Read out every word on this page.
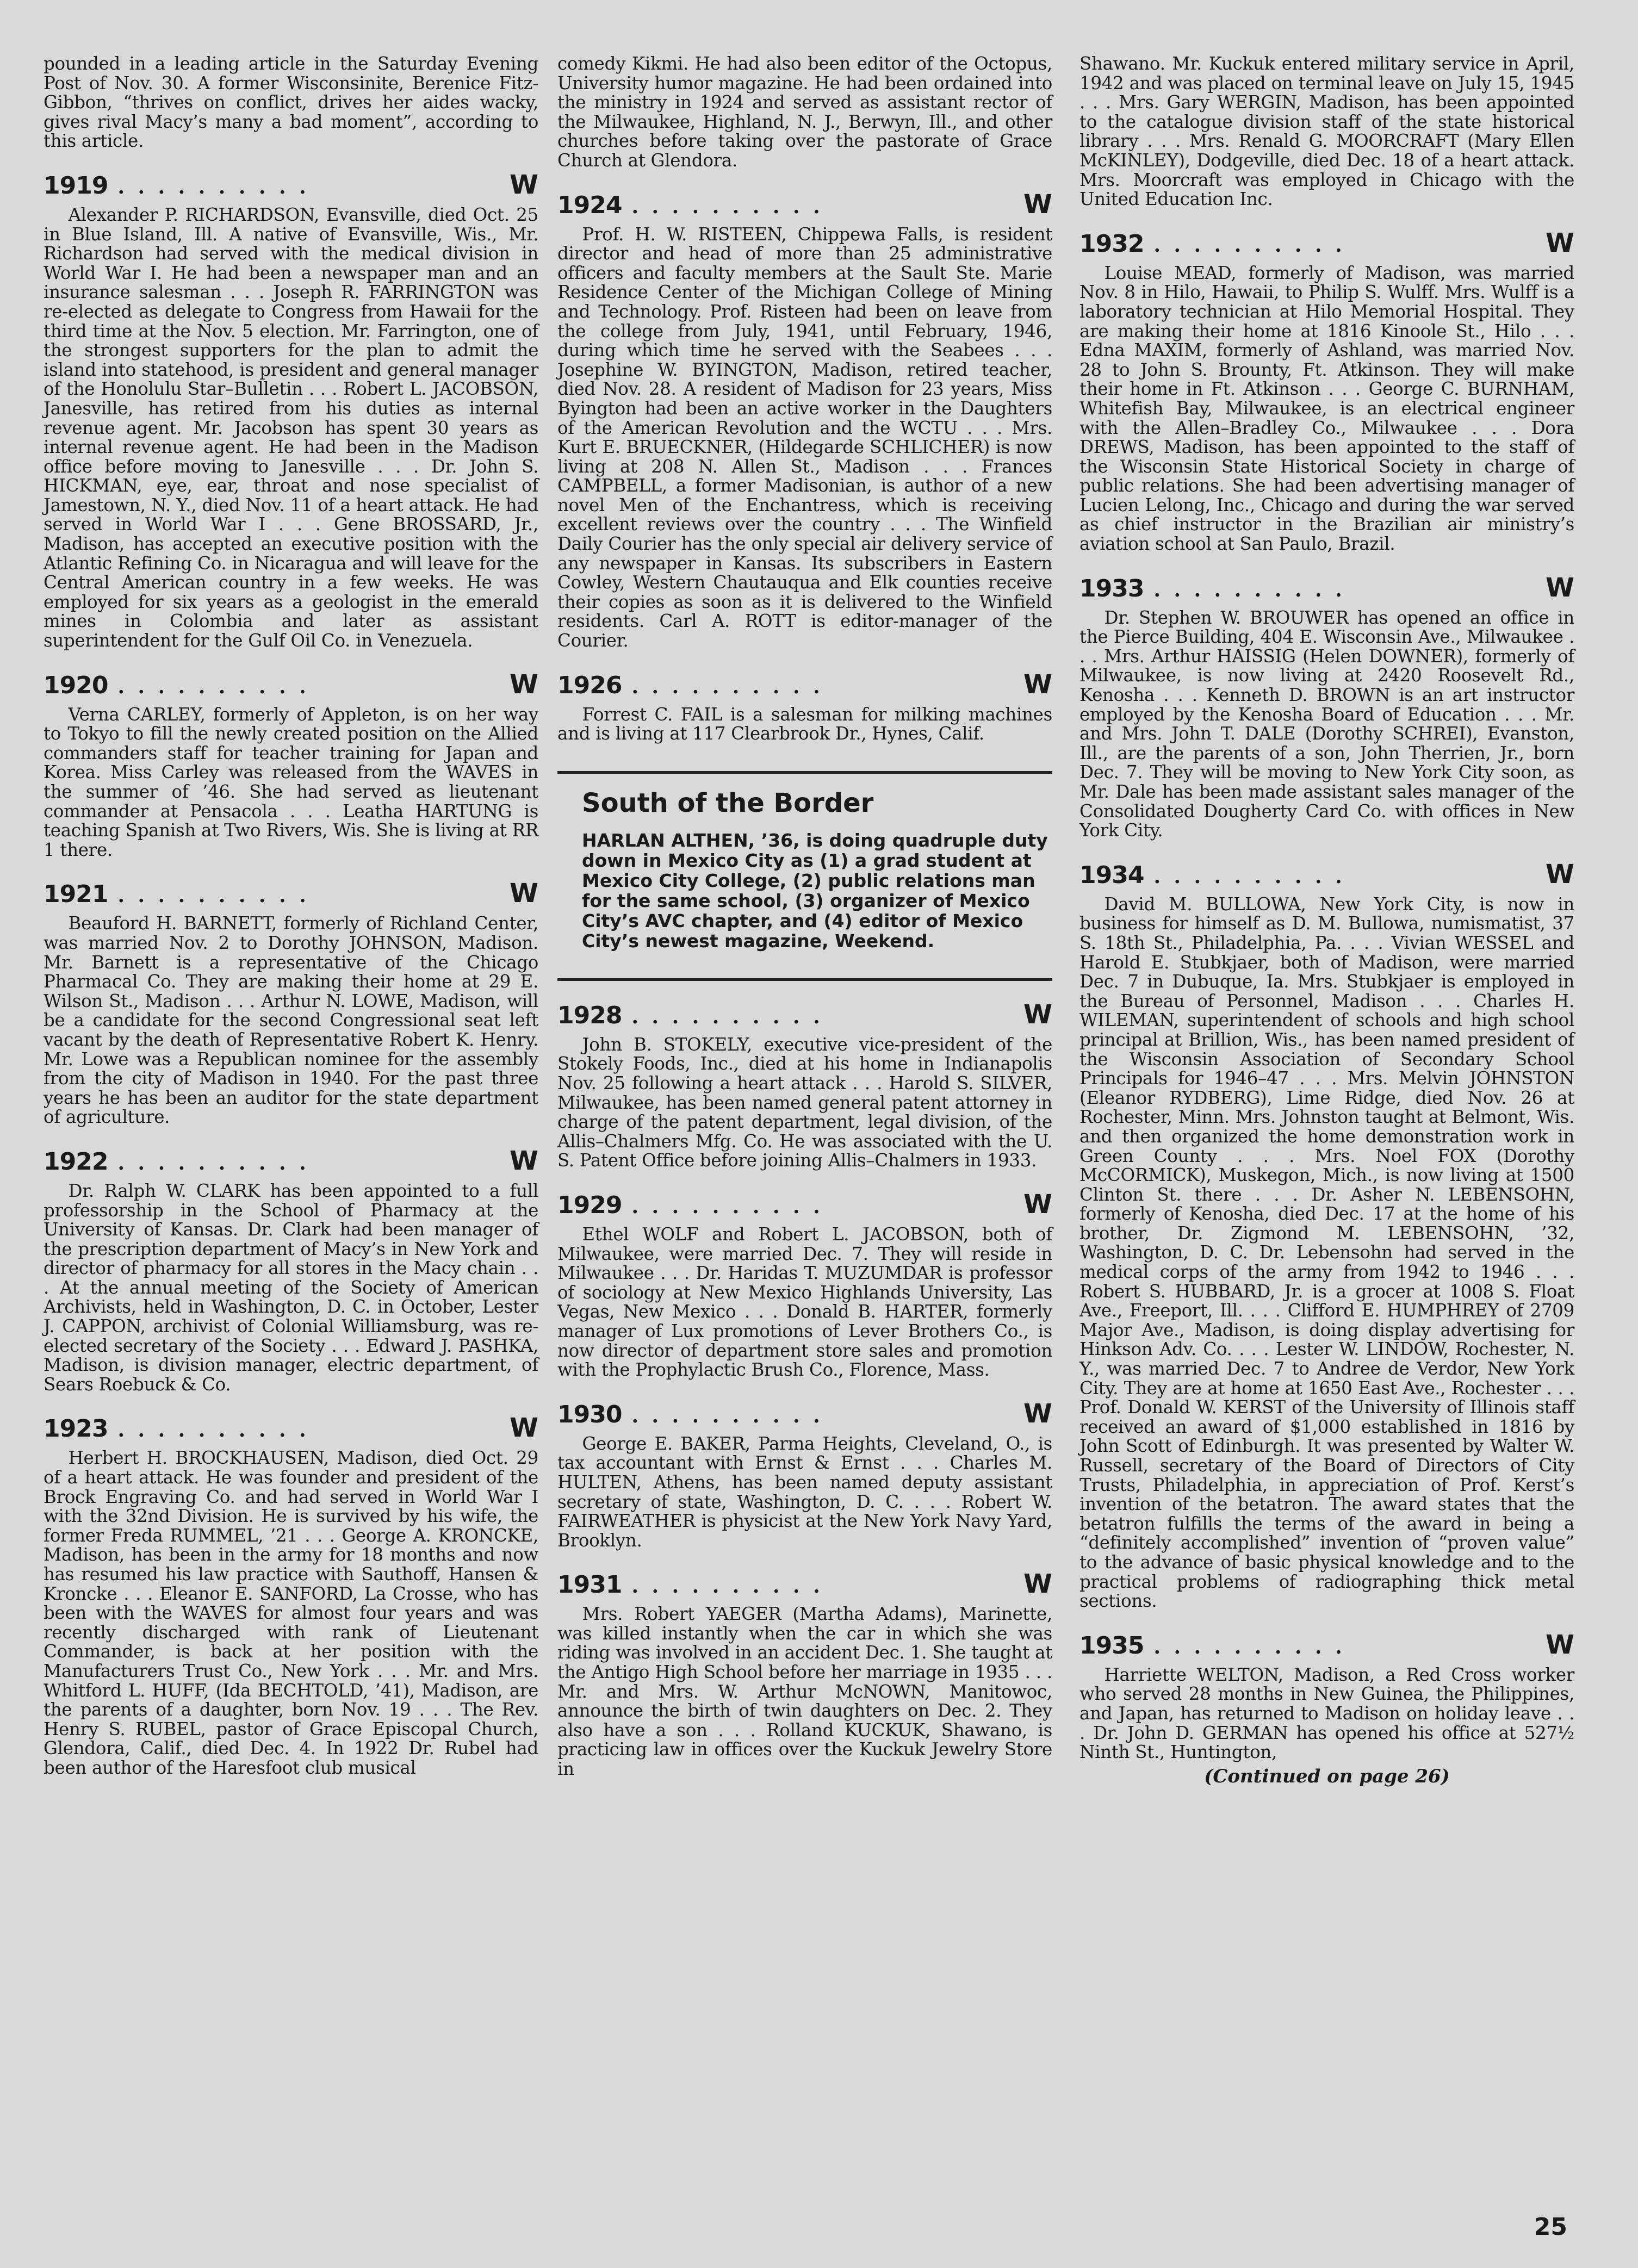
pounded in a leading article in the Saturday Evening Post of Nov. 30. A former Wisconsinite, Berenice Fitz-Gibbon, “thrives on conflict, drives her aides wacky, gives rival Macy’s many a bad moment”, according to this article.

1919 . . . . . . . . . .	W

Alexander P. RICHARDSON, Evansville, died Oct. 25 in Blue Island, Ill. A native of Evansville, Wis., Mr. Richardson had served with the medical division in World War I. He had been a newspaper man and an insurance salesman . . . Joseph R. FARRINGTON was re-elected as delegate to Congress from Hawaii for the third time at the Nov. 5 election. Mr. Farrington, one of the strongest supporters for the plan to admit the island into statehood, is president and general manager of the Honolulu Star–Bulletin . . . Robert L. JACOBSON, Janesville, has retired from his duties as internal revenue agent. Mr. Jacobson has spent 30 years as internal revenue agent. He had been in the Madison office before moving to Janesville . . . Dr. John S. HICKMAN, eye, ear, throat and nose specialist of Jamestown, N. Y., died Nov. 11 of a heart attack. He had served in World War I . . . Gene BROSSARD, Jr., Madison, has accepted an executive position with the Atlantic Refining Co. in Nicaragua and will leave for the Central American country in a few weeks. He was employed for six years as a geologist in the emerald mines in Colombia and later as assistant superintendent for the Gulf Oil Co. in Venezuela.

1920 . . . . . . . . . .	W

Verna CARLEY, formerly of Appleton, is on her way to Tokyo to fill the newly created position on the Allied commanders staff for teacher training for Japan and Korea. Miss Carley was released from the WAVES in the summer of ’46. She had served as lieutenant commander at Pensacola . . . Leatha HARTUNG is teaching Spanish at Two Rivers, Wis. She is living at RR 1 there.

1921 . . . . . . . . . .	W

Beauford H. BARNETT, formerly of Richland Center, was married Nov. 2 to Dorothy JOHNSON, Madison. Mr. Barnett is a representative of the Chicago Pharmacal Co. They are making their home at 29 E. Wilson St., Madison . . . Arthur N. LOWE, Madison, will be a candidate for the second Congressional seat left vacant by the death of Representative Robert K. Henry. Mr. Lowe was a Republican nominee for the assembly from the city of Madison in 1940. For the past three years he has been an auditor for the state department of agriculture.

1922 . . . . . . . . . .	W

Dr. Ralph W. CLARK has been appointed to a full professorship in the School of Pharmacy at the University of Kansas. Dr. Clark had been manager of the prescription department of Macy’s in New York and director of pharmacy for all stores in the Macy chain . . . At the annual meeting of the Society of American Archivists, held in Washington, D. C. in October, Lester J. CAPPON, archivist of Colonial Williamsburg, was re-elected secretary of the Society . . . Edward J. PASHKA, Madison, is division manager, electric department, of Sears Roebuck & Co.

1923 . . . . . . . . . .	W

Herbert H. BROCKHAUSEN, Madison, died Oct. 29 of a heart attack. He was founder and president of the Brock Engraving Co. and had served in World War I with the 32nd Division. He is survived by his wife, the former Freda RUMMEL, ’21 . . . George A. KRONCKE, Madison, has been in the army for 18 months and now has resumed his law practice with Sauthoff, Hansen & Kroncke . . . Eleanor E. SANFORD, La Crosse, who has been with the WAVES for almost four years and was recently discharged with rank of Lieutenant Commander, is back at her position with the Manufacturers Trust Co., New York . . . Mr. and Mrs. Whitford L. HUFF, (Ida BECHTOLD, ’41), Madison, are the parents of a daughter, born Nov. 19 . . . The Rev. Henry S. RUBEL, pastor of Grace Episcopal Church, Glendora, Calif., died Dec. 4. In 1922 Dr. Rubel had been author of the Haresfoot club musical

comedy Kikmi. He had also been editor of the Octopus, University humor magazine. He had been ordained into the ministry in 1924 and served as assistant rector of the Milwaukee, Highland, N. J., Berwyn, Ill., and other churches before taking over the pastorate of Grace Church at Glendora.

1924 . . . . . . . . . .	W

Prof. H. W. RISTEEN, Chippewa Falls, is resident director and head of more than 25 administrative officers and faculty members at the Sault Ste. Marie Residence Center of the Michigan College of Mining and Technology. Prof. Risteen had been on leave from the college from July, 1941, until February, 1946, during which time he served with the Seabees . . . Josephine W. BYINGTON, Madison, retired teacher, died Nov. 28. A resident of Madison for 23 years, Miss Byington had been an active worker in the Daughters of the American Revolution and the WCTU . . . Mrs. Kurt E. BRUECKNER, (Hildegarde SCHLICHER) is now living at 208 N. Allen St., Madison . . . Frances CAMPBELL, a former Madisonian, is author of a new novel Men of the Enchantress, which is receiving excellent reviews over the country . . . The Winfield Daily Courier has the only special air delivery service of any newspaper in Kansas. Its subscribers in Eastern Cowley, Western Chautauqua and Elk counties receive their copies as soon as it is delivered to the Winfield residents. Carl A. ROTT is editor-manager of the Courier.

1926 . . . . . . . . . .	W

Forrest C. FAIL is a salesman for milking machines and is living at 117 Clearbrook Dr., Hynes, Calif.

South of the Border
HARLAN ALTHEN, ’36, is doing quadruple duty down in Mexico City as (1) a grad student at Mexico City College, (2) public relations man for the same school, (3) organizer of Mexico City’s AVC chapter, and (4) editor of Mexico City’s newest magazine, Weekend.
1928 . . . . . . . . . .	W

John B. STOKELY, executive vice-president of the Stokely Foods, Inc., died at his home in Indianapolis Nov. 25 following a heart attack . . . Harold S. SILVER, Milwaukee, has been named general patent attorney in charge of the patent department, legal division, of the Allis–Chalmers Mfg. Co. He was associated with the U. S. Patent Office before joining Allis–Chalmers in 1933.

1929 . . . . . . . . . .	W

Ethel WOLF and Robert L. JACOBSON, both of Milwaukee, were married Dec. 7. They will reside in Milwaukee . . . Dr. Haridas T. MUZUMDAR is professor of sociology at New Mexico Highlands University, Las Vegas, New Mexico . . . Donald B. HARTER, formerly manager of Lux promotions of Lever Brothers Co., is now director of department store sales and promotion with the Prophylactic Brush Co., Florence, Mass.

1930 . . . . . . . . . .	W

George E. BAKER, Parma Heights, Cleveland, O., is tax accountant with Ernst & Ernst . . . Charles M. HULTEN, Athens, has been named deputy assistant secretary of state, Washington, D. C. . . . Robert W. FAIRWEATHER is physicist at the New York Navy Yard, Brooklyn.

1931 . . . . . . . . . .	W

Mrs. Robert YAEGER (Martha Adams), Marinette, was killed instantly when the car in which she was riding was involved in an accident Dec. 1. She taught at the Antigo High School before her marriage in 1935 . . . Mr. and Mrs. W. Arthur McNOWN, Manitowoc, announce the birth of twin daughters on Dec. 2. They also have a son . . . Rolland KUCKUK, Shawano, is practicing law in offices over the Kuckuk Jewelry Store in

Shawano. Mr. Kuckuk entered military service in April, 1942 and was placed on terminal leave on July 15, 1945 . . . Mrs. Gary WERGIN, Madison, has been appointed to the catalogue division staff of the state historical library . . . Mrs. Renald G. MOORCRAFT (Mary Ellen McKINLEY), Dodgeville, died Dec. 18 of a heart attack. Mrs. Moorcraft was employed in Chicago with the United Education Inc.

1932 . . . . . . . . . .	W

Louise MEAD, formerly of Madison, was married Nov. 8 in Hilo, Hawaii, to Philip S. Wulff. Mrs. Wulff is a laboratory technician at Hilo Memorial Hospital. They are making their home at 1816 Kinoole St., Hilo . . . Edna MAXIM, formerly of Ashland, was married Nov. 28 to John S. Brounty, Ft. Atkinson. They will make their home in Ft. Atkinson . . . George C. BURNHAM, Whitefish Bay, Milwaukee, is an electrical engineer with the Allen–Bradley Co., Milwaukee . . . Dora DREWS, Madison, has been appointed to the staff of the Wisconsin State Historical Society in charge of public relations. She had been advertising manager of Lucien Lelong, Inc., Chicago and during the war served as chief instructor in the Brazilian air ministry’s aviation school at San Paulo, Brazil.

1933 . . . . . . . . . .	W

Dr. Stephen W. BROUWER has opened an office in the Pierce Building, 404 E. Wisconsin Ave., Milwaukee . . . Mrs. Arthur HAISSIG (Helen DOWNER), formerly of Milwaukee, is now living at 2420 Roosevelt Rd., Kenosha . . . Kenneth D. BROWN is an art instructor employed by the Kenosha Board of Education . . . Mr. and Mrs. John T. DALE (Dorothy SCHREI), Evanston, Ill., are the parents of a son, John Therrien, Jr., born Dec. 7. They will be moving to New York City soon, as Mr. Dale has been made assistant sales manager of the Consolidated Dougherty Card Co. with offices in New York City.

1934 . . . . . . . . . .	W

David M. BULLOWA, New York City, is now in business for himself as D. M. Bullowa, numismatist, 37 S. 18th St., Philadelphia, Pa. . . . Vivian WESSEL and Harold E. Stubkjaer, both of Madison, were married Dec. 7 in Dubuque, Ia. Mrs. Stubkjaer is employed in the Bureau of Personnel, Madison . . . Charles H. WILEMAN, superintendent of schools and high school principal at Brillion, Wis., has been named president of the Wisconsin Association of Secondary School Principals for 1946–47 . . . Mrs. Melvin JOHNSTON (Eleanor RYDBERG), Lime Ridge, died Nov. 26 at Rochester, Minn. Mrs. Johnston taught at Belmont, Wis. and then organized the home demonstration work in Green County . . . Mrs. Noel FOX (Dorothy McCORMICK), Muskegon, Mich., is now living at 1500 Clinton St. there . . . Dr. Asher N. LEBENSOHN, formerly of Kenosha, died Dec. 17 at the home of his brother, Dr. Zigmond M. LEBENSOHN, ’32, Washington, D. C. Dr. Lebensohn had served in the medical corps of the army from 1942 to 1946 . . . Robert S. HUBBARD, Jr. is a grocer at 1008 S. Float Ave., Freeport, Ill. . . . Clifford E. HUMPHREY of 2709 Major Ave., Madison, is doing display advertising for Hinkson Adv. Co. . . . Lester W. LINDOW, Rochester, N. Y., was married Dec. 7 to Andree de Verdor, New York City. They are at home at 1650 East Ave., Rochester . . . Prof. Donald W. KERST of the University of Illinois staff received an award of $1,000 established in 1816 by John Scott of Edinburgh. It was presented by Walter W. Russell, secretary of the Board of Directors of City Trusts, Philadelphia, in appreciation of Prof. Kerst’s invention of the betatron. The award states that the betatron fulfills the terms of the award in being a “definitely accomplished” invention of “proven value” to the advance of basic physical knowledge and to the practical problems of radiographing thick metal sections.

1935 . . . . . . . . . .	W

Harriette WELTON, Madison, a Red Cross worker who served 28 months in New Guinea, the Philippines, and Japan, has returned to Madison on holiday leave . . . Dr. John D. GERMAN has opened his office at 527½ Ninth St., Huntington,

(Continued on page 26)
25
